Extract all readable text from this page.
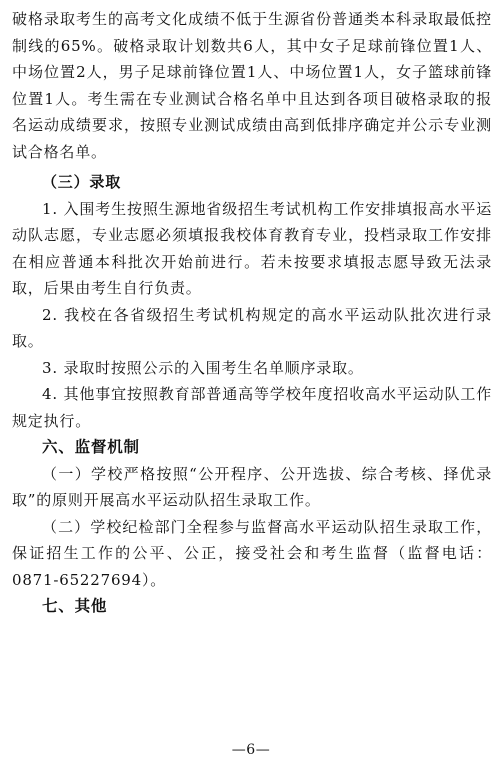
破格录取考生的高考文化成绩不低于生源省份普通类本科录取最低控制线的65%。破格录取计划数共6人，其中女子足球前锋位置1人、中场位置2人，男子足球前锋位置1人、中场位置1人，女子篮球前锋位置1人。考生需在专业测试合格名单中且达到各项目破格录取的报名运动成绩要求，按照专业测试成绩由高到低排序确定并公示专业测试合格名单。

（三）录取

1. 入围考生按照生源地省级招生考试机构工作安排填报高水平运动队志愿，专业志愿必须填报我校体育教育专业，投档录取工作安排在相应普通本科批次开始前进行。若未按要求填报志愿导致无法录取，后果由考生自行负责。

2. 我校在各省级招生考试机构规定的高水平运动队批次进行录取。

3. 录取时按照公示的入围考生名单顺序录取。

4. 其他事宜按照教育部普通高等学校年度招收高水平运动队工作规定执行。

六、监督机制

（一）学校严格按照“公开程序、公开选拔、综合考核、择优录取”的原则开展高水平运动队招生录取工作。

（二）学校纪检部门全程参与监督高水平运动队招生录取工作，保证招生工作的公平、公正，接受社会和考生监督（监督电话：0871-65227694）。

七、其他

—6—
